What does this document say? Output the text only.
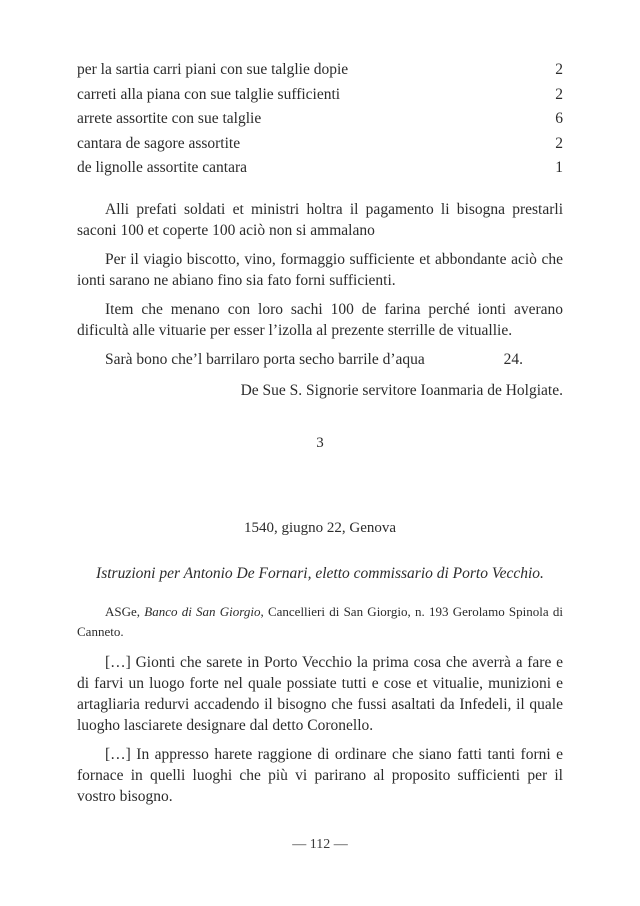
per la sartia carri piani con sue talglie dopie	2
carreti alla piana con sue talglie sufficienti	2
arrete assortite con sue talglie	6
cantara de sagore assortite	2
de lignolle assortite cantara	1

Alli prefati soldati et ministri holtra il pagamento li bisogna prestarli saconi 100 et coperte 100 aciò non si ammalano

Per il viagio biscotto, vino, formaggio sufficiente et abbondante aciò che ionti sarano ne abiano fino sia fato forni sufficienti.

Item che menano con loro sachi 100 de farina perché ionti averano dificultà alle vituarie per esser l’izolla al prezente sterrille de vituallie.

Sarà bono che’l barrilaro porta secho barrile d’aqua	24.

De Sue S. Signorie servitore Ioanmaria de Holgiate.

3

1540, giugno 22, Genova

Istruzioni per Antonio De Fornari, eletto commissario di Porto Vecchio.

ASGe, Banco di San Giorgio, Cancellieri di San Giorgio, n. 193 Gerolamo Spinola di Canneto.

[…] Gionti che sarete in Porto Vecchio la prima cosa che averrà a fare e di farvi un luogo forte nel quale possiate tutti e cose et vitualie, munizioni e artagliaria redurvi accadendo il bisogno che fussi asaltati da Infedeli, il quale luogho lasciarete designare dal detto Coronello.

[…] In appresso harete raggione di ordinare che siano fatti tanti forni e fornace in quelli luoghi che più vi parirano al proposito sufficienti per il vostro bisogno.

— 112 —
